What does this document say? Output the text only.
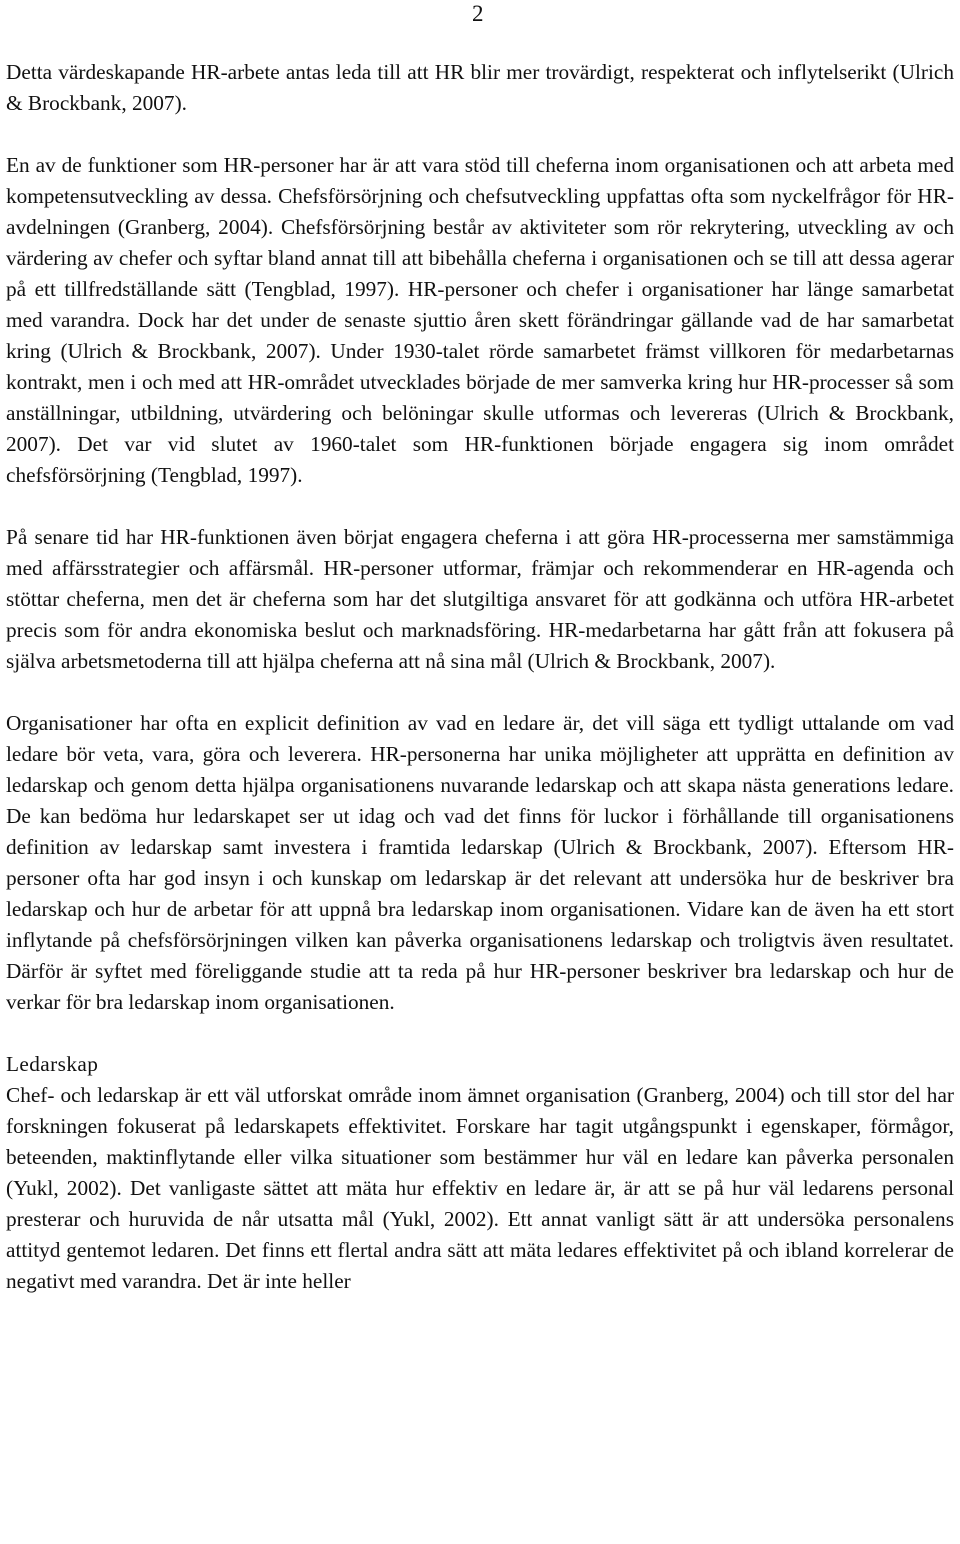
2

Detta värdeskapande HR-arbete antas leda till att HR blir mer trovärdigt, respekterat och inflytelserikt (Ulrich & Brockbank, 2007).

En av de funktioner som HR-personer har är att vara stöd till cheferna inom organisationen och att arbeta med kompetensutveckling av dessa. Chefsförsörjning och chefsutveckling uppfattas ofta som nyckelfrågor för HR-avdelningen (Granberg, 2004). Chefsförsörjning består av aktiviteter som rör rekrytering, utveckling av och värdering av chefer och syftar bland annat till att bibehålla cheferna i organisationen och se till att dessa agerar på ett tillfredställande sätt (Tengblad, 1997). HR-personer och chefer i organisationer har länge samarbetat med varandra. Dock har det under de senaste sjuttio åren skett förändringar gällande vad de har samarbetat kring (Ulrich & Brockbank, 2007). Under 1930-talet rörde samarbetet främst villkoren för medarbetarnas kontrakt, men i och med att HR-området utvecklades började de mer samverka kring hur HR-processer så som anställningar, utbildning, utvärdering och belöningar skulle utformas och levereras (Ulrich & Brockbank, 2007). Det var vid slutet av 1960-talet som HR-funktionen började engagera sig inom området chefsförsörjning (Tengblad, 1997).

På senare tid har HR-funktionen även börjat engagera cheferna i att göra HR-processerna mer samstämmiga med affärsstrategier och affärsmål. HR-personer utformar, främjar och rekommenderar en HR-agenda och stöttar cheferna, men det är cheferna som har det slutgiltiga ansvaret för att godkänna och utföra HR-arbetet precis som för andra ekonomiska beslut och marknadsföring. HR-medarbetarna har gått från att fokusera på själva arbetsmetoderna till att hjälpa cheferna att nå sina mål (Ulrich & Brockbank, 2007).

Organisationer har ofta en explicit definition av vad en ledare är, det vill säga ett tydligt uttalande om vad ledare bör veta, vara, göra och leverera. HR-personerna har unika möjligheter att upprätta en definition av ledarskap och genom detta hjälpa organisationens nuvarande ledarskap och att skapa nästa generations ledare. De kan bedöma hur ledarskapet ser ut idag och vad det finns för luckor i förhållande till organisationens definition av ledarskap samt investera i framtida ledarskap (Ulrich & Brockbank, 2007). Eftersom HR-personer ofta har god insyn i och kunskap om ledarskap är det relevant att undersöka hur de beskriver bra ledarskap och hur de arbetar för att uppnå bra ledarskap inom organisationen. Vidare kan de även ha ett stort inflytande på chefsförsörjningen vilken kan påverka organisationens ledarskap och troligtvis även resultatet. Därför är syftet med föreliggande studie att ta reda på hur HR-personer beskriver bra ledarskap och hur de verkar för bra ledarskap inom organisationen.

Ledarskap

Chef- och ledarskap är ett väl utforskat område inom ämnet organisation (Granberg, 2004) och till stor del har forskningen fokuserat på ledarskapets effektivitet. Forskare har tagit utgångspunkt i egenskaper, förmågor, beteenden, maktinflytande eller vilka situationer som bestämmer hur väl en ledare kan påverka personalen (Yukl, 2002). Det vanligaste sättet att mäta hur effektiv en ledare är, är att se på hur väl ledarens personal presterar och huruvida de når utsatta mål (Yukl, 2002). Ett annat vanligt sätt är att undersöka personalens attityd gentemot ledaren. Det finns ett flertal andra sätt att mäta ledares effektivitet på och ibland korrelerar de negativt med varandra. Det är inte heller
